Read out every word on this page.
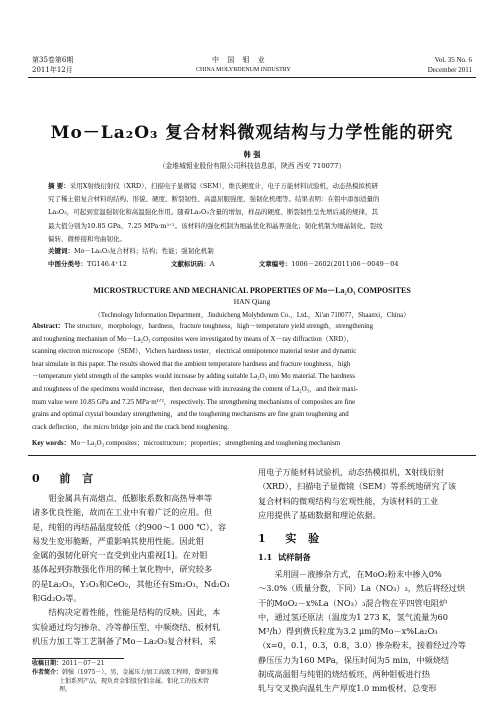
第35卷第6期
2011年12月
中 国 钼 业
CHINA MOLYBDENUM INDUSTRY
Vol. 35 No. 6
December 2011
Mo－La₂O₃ 复合材料微观结构与力学性能的研究
韩 强
（金堆城钼业股份有限公司科技信息部，陕西 西安 710077）

摘 要：采用X射线衍射仪（XRD），扫描电子显微镜（SEM），维氏硬度计，电子万能材料试验机，动态热模拟机研

究了稀土钼复合材料的结构、形貌、硬度、断裂韧性、高温屈服强度、强韧化机理等。结果表明：在钼中添加适量的

La₂O₃，可起到室温强韧化和高温强化作用。随着La₂O₃含量的增加，样品的硬度、断裂韧性呈先增后减的规律，其

最大值分别为10.85 GPa、7.25 MPa·m¹ᐟ²。该材料的强化机制为细晶优化和晶界强化；韧化机制为细晶韧化、裂纹

偏转、微桥接和弯曲韧化。

关键词：Mo－La₂O₃复合材料；结构；性能；强韧化机制
中图分类号：TG146.4⁺12	文献标识码：A	文章编号：1006－2602(2011)06－0049－04
MICROSTRUCTURE AND MECHANICAL PROPERTIES OF Mo－La₂O₃ COMPOSITES
HAN Qiang
（Technology Information Department，Jinduicheng Molybdenum Co.，Ltd.，Xi'an 710077，Shaanxi，China）

Abstract：The structure，morphology，hardness，fracture toughness，high－temperature yield strength，strengthening

and toughening mechanism of Mo－La₂O₃ composites were investigated by means of X－ray diffraction（XRD），

scanning electron microscope（SEM），Vichers hardness tester，electrical omnipotence material tester and dynamic

heat simulate in this paper. The results showed that the ambient temperature hardness and fracture toughness，high

－temperature yield strength of the samples would increase by adding suitable La₂O₃ into Mo material. The hardness

and toughness of the specimens would increase，then decrease with increasing the content of La₂O₃，and their maxi-

mum value were 10.85 GPa and 7.25 MPa·m¹ᐟ²，respectively. The strengthening mechanisms of composites are fine

grains and optimal crystal boundary strengthening，and the toughening mechanisms are fine grain toughening and

crack deflection，the micro bridge join and the crack bend toughening.

Key words：Mo－La₂O₃ composites；microstructure；properties；strengthening and toughening mechanism
0 前 言

钼金属具有高熔点、低膨胀系数和高热导率等

诸多优良性能，故而在工业中有着广泛的应用。但

是，纯钼的再结晶温度较低（约900～1 000 ℃），容

易发生変形脆断，严重影响其使用性能。因此钼

金属的强韧化研究一直受到业内重视[1]。在对钼

基体起到弥散强化作用的稀土氧化物中，研究较多

的是La₂O₃，Y₂O₃和CeO₂，其他还有Sm₂O₃，Nd₂O₃

和Gd₂O₃等。

结构决定着性能，性能是结构的反映。因此，本

实验通过均匀掺杂、冷等静压型、中频烧结、板材轧

机压力加工等工艺制备了Mo－La₂O₃复合材料，采

收稿日期：2011－07－21

作者简介：韩强（1975－），男，金属压力加工高级工程师，曾研发稀

土钼系列产品，现负责金钼股份钼金属、钼化工的技术管

理。

用电子万能材料试验机，动态热模拟机，X射线衍射

（XRD），扫描电子显微镜（SEM）等系统地研究了该

复合材料的微观结构与宏观性能，为该材料的工业

应用提供了基础数据和理论依据。

1 实 验
1.1 试样制备

采用固－液掺杂方式，在MoO₂粉末中掺入0%

～3.0%（质量分数，下同）La（NO₃）₃，然后将经过烘

干的MoO₂－x%La（NO₃）₃混合物在平四管电阻炉

中，通过氢还原法（温度为1 273 K，氢气流量为60

M³/h）得到费氏粒度为3.2 μm的Mo－x%La₂O₃

（x=0，0.1，0.3，0.8，3.0）掺杂粉末，接着经过冷等

静压压力为160 MPa，保压时间为5 min，中频烧结

制成高温钼与纯钼的烧结板坯，两种钼板进行热

轧与交叉换向温轧生产厚度1.0 mm板材，总变形
